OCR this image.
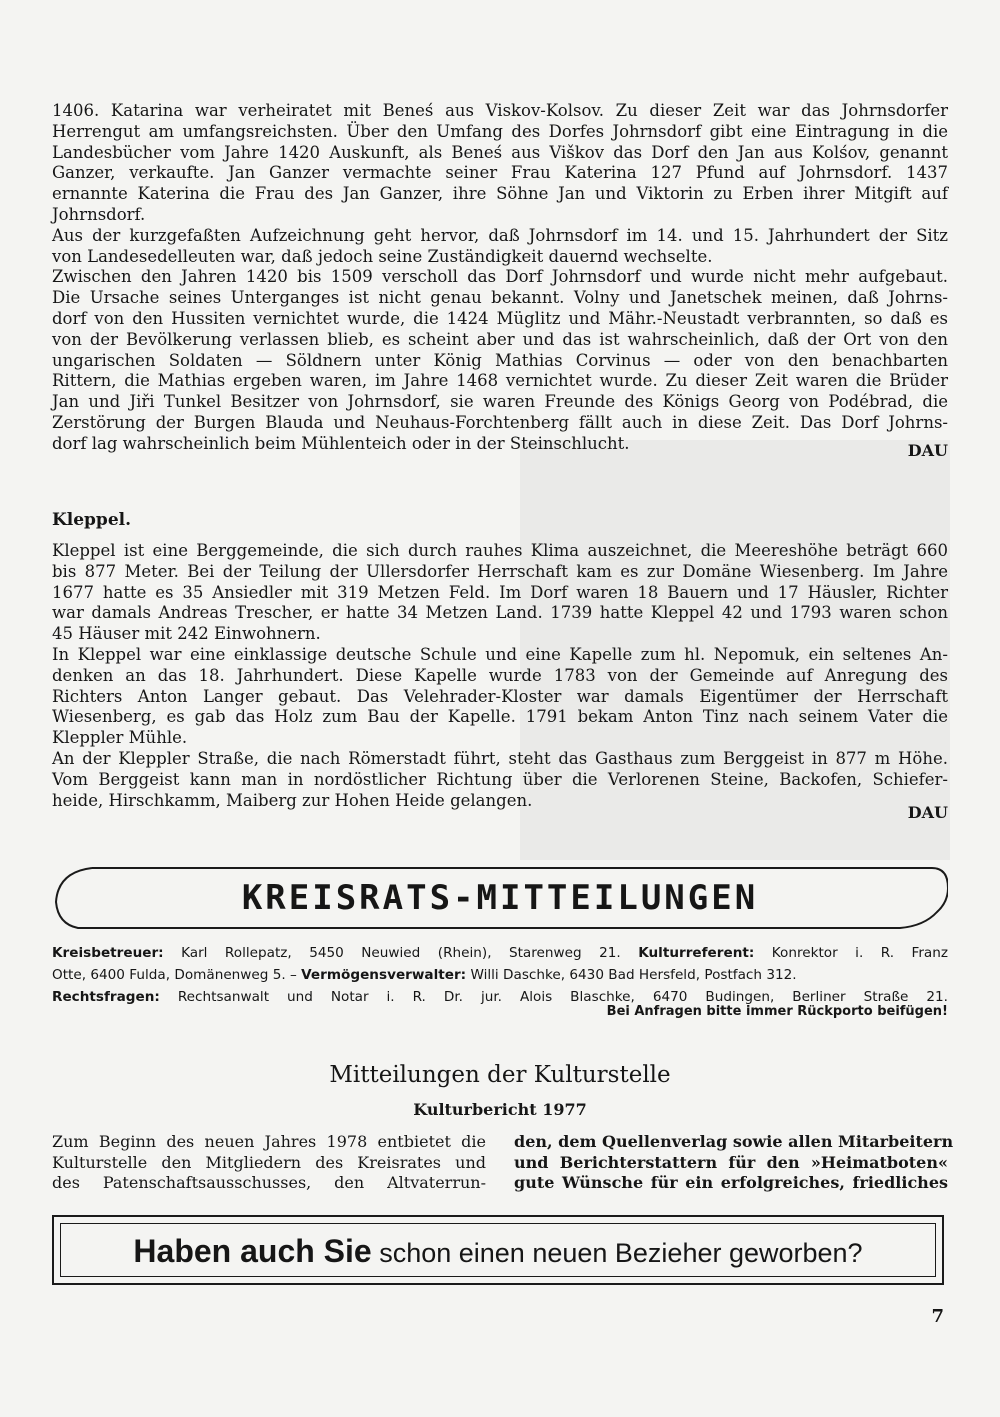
1406. Katarina war verheiratet mit Beneś aus Viskov-Kolsov. Zu dieser Zeit war das Johrnsdorfer
Herrengut am umfangsreichsten. Über den Umfang des Dorfes Johrnsdorf gibt eine Eintragung in die
Landesbücher vom Jahre 1420 Auskunft, als Beneś aus Viškov das Dorf den Jan aus Kolśov, genannt
Ganzer, verkaufte. Jan Ganzer vermachte seiner Frau Katerina 127 Pfund auf Johrnsdorf. 1437
ernannte Katerina die Frau des Jan Ganzer, ihre Söhne Jan und Viktorin zu Erben ihrer Mitgift auf
Johrnsdorf.
Aus der kurzgefaßten Aufzeichnung geht hervor, daß Johrnsdorf im 14. und 15. Jahrhundert der Sitz
von Landesedelleuten war, daß jedoch seine Zuständigkeit dauernd wechselte.
Zwischen den Jahren 1420 bis 1509 verscholl das Dorf Johrnsdorf und wurde nicht mehr aufgebaut.
Die Ursache seines Unterganges ist nicht genau bekannt. Volny und Janetschek meinen, daß Johrns-
dorf von den Hussiten vernichtet wurde, die 1424 Müglitz und Mähr.-Neustadt verbrannten, so daß es
von der Bevölkerung verlassen blieb, es scheint aber und das ist wahrscheinlich, daß der Ort von den
ungarischen Soldaten — Söldnern unter König Mathias Corvinus — oder von den benachbarten
Rittern, die Mathias ergeben waren, im Jahre 1468 vernichtet wurde. Zu dieser Zeit waren die Brüder
Jan und Jiři Tunkel Besitzer von Johrnsdorf, sie waren Freunde des Königs Georg von Podébrad, die
Zerstörung der Burgen Blauda und Neuhaus-Forchtenberg fällt auch in diese Zeit. Das Dorf Johrns-
dorf lag wahrscheinlich beim Mühlenteich oder in der Steinschlucht.	DAU
Kleppel.

Kleppel ist eine Berggemeinde, die sich durch rauhes Klima auszeichnet, die Meereshöhe beträgt 660
bis 877 Meter. Bei der Teilung der Ullersdorfer Herrschaft kam es zur Domäne Wiesenberg. Im Jahre
1677 hatte es 35 Ansiedler mit 319 Metzen Feld. Im Dorf waren 18 Bauern und 17 Häusler, Richter
war damals Andreas Trescher, er hatte 34 Metzen Land. 1739 hatte Kleppel 42 und 1793 waren schon
45 Häuser mit 242 Einwohnern.
In Kleppel war eine einklassige deutsche Schule und eine Kapelle zum hl. Nepomuk, ein seltenes An-
denken an das 18. Jahrhundert. Diese Kapelle wurde 1783 von der Gemeinde auf Anregung des
Richters Anton Langer gebaut. Das Velehrader-Kloster war damals Eigentümer der Herrschaft
Wiesenberg, es gab das Holz zum Bau der Kapelle. 1791 bekam Anton Tinz nach seinem Vater die
Kleppler Mühle.
An der Kleppler Straße, die nach Römerstadt führt, steht das Gasthaus zum Berggeist in 877 m Höhe.
Vom Berggeist kann man in nordöstlicher Richtung über die Verlorenen Steine, Backofen, Schiefer-
heide, Hirschkamm, Maiberg zur Hohen Heide gelangen.

DAU
KREISRATS-MITTEILUNGEN
Kreisbetreuer: Karl Rollepatz, 5450 Neuwied (Rhein), Starenweg 21. Kulturreferent: Konrektor i. R. Franz
Otte, 6400 Fulda, Domänenweg 5. – Vermögensverwalter: Willi Daschke, 6430 Bad Hersfeld, Postfach 312.
Rechtsfragen: Rechtsanwalt und Notar i. R. Dr. jur. Alois Blaschke, 6470 Budingen, Berliner Straße 21.
Bei Anfragen bitte immer Rückporto beifügen!
Mitteilungen der Kulturstelle
Kulturbericht 1977
Zum Beginn des neuen Jahres 1978 entbietet die
Kulturstelle den Mitgliedern des Kreisrates und
des Patenschaftsausschusses, den Altvaterrun-
den, dem Quellenverlag sowie allen Mitarbeitern
und Berichterstattern für den »Heimatboten«
gute Wünsche für ein erfolgreiches, friedliches
Haben auch Sie schon einen neuen Bezieher geworben?
7
